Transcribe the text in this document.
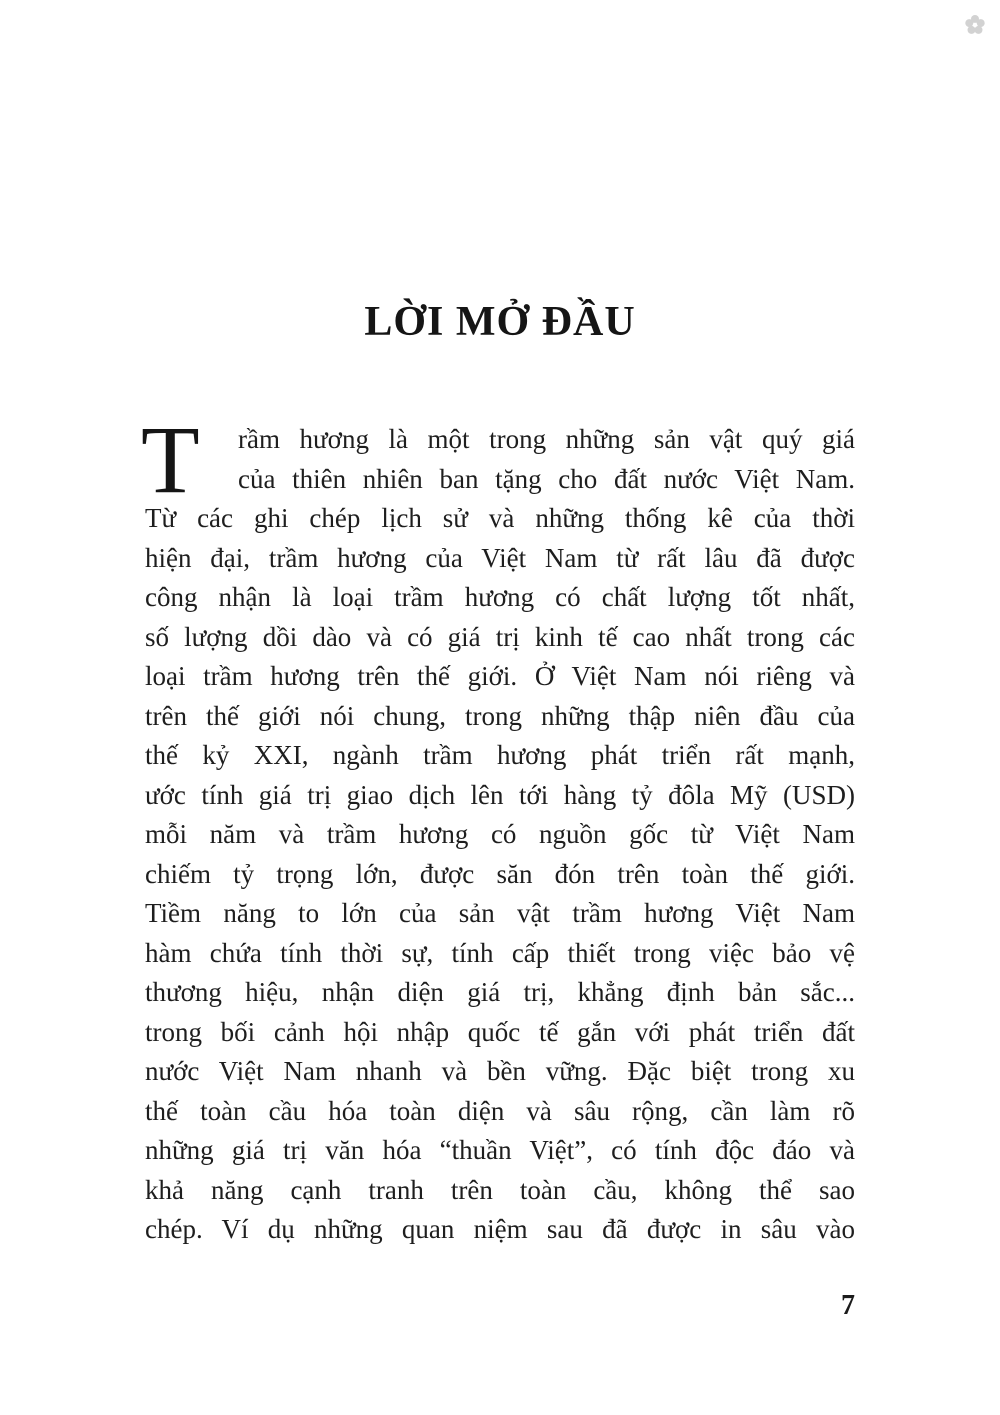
LỜI MỞ ĐẦU
T	rầm hương là một trong những sản vật quý giá
của thiên nhiên ban tặng cho đất nước Việt Nam.
Từ các ghi chép lịch sử và những thống kê của thời
hiện đại, trầm hương của Việt Nam từ rất lâu đã được
công nhận là loại trầm hương có chất lượng tốt nhất,
số lượng dồi dào và có giá trị kinh tế cao nhất trong các
loại trầm hương trên thế giới. Ở Việt Nam nói riêng và
trên thế giới nói chung, trong những thập niên đầu của
thế kỷ XXI, ngành trầm hương phát triển rất mạnh,
ước tính giá trị giao dịch lên tới hàng tỷ đôla Mỹ (USD)
mỗi năm và trầm hương có nguồn gốc từ Việt Nam
chiếm tỷ trọng lớn, được săn đón trên toàn thế giới.
Tiềm năng to lớn của sản vật trầm hương Việt Nam
hàm chứa tính thời sự, tính cấp thiết trong việc bảo vệ
thương hiệu, nhận diện giá trị, khẳng định bản sắc...
trong bối cảnh hội nhập quốc tế gắn với phát triển đất
nước Việt Nam nhanh và bền vững. Đặc biệt trong xu
thế toàn cầu hóa toàn diện và sâu rộng, cần làm rõ
những giá trị văn hóa “thuần Việt”, có tính độc đáo và
khả năng cạnh tranh trên toàn cầu, không thể sao
chép. Ví dụ những quan niệm sau đã được in sâu vào
7
